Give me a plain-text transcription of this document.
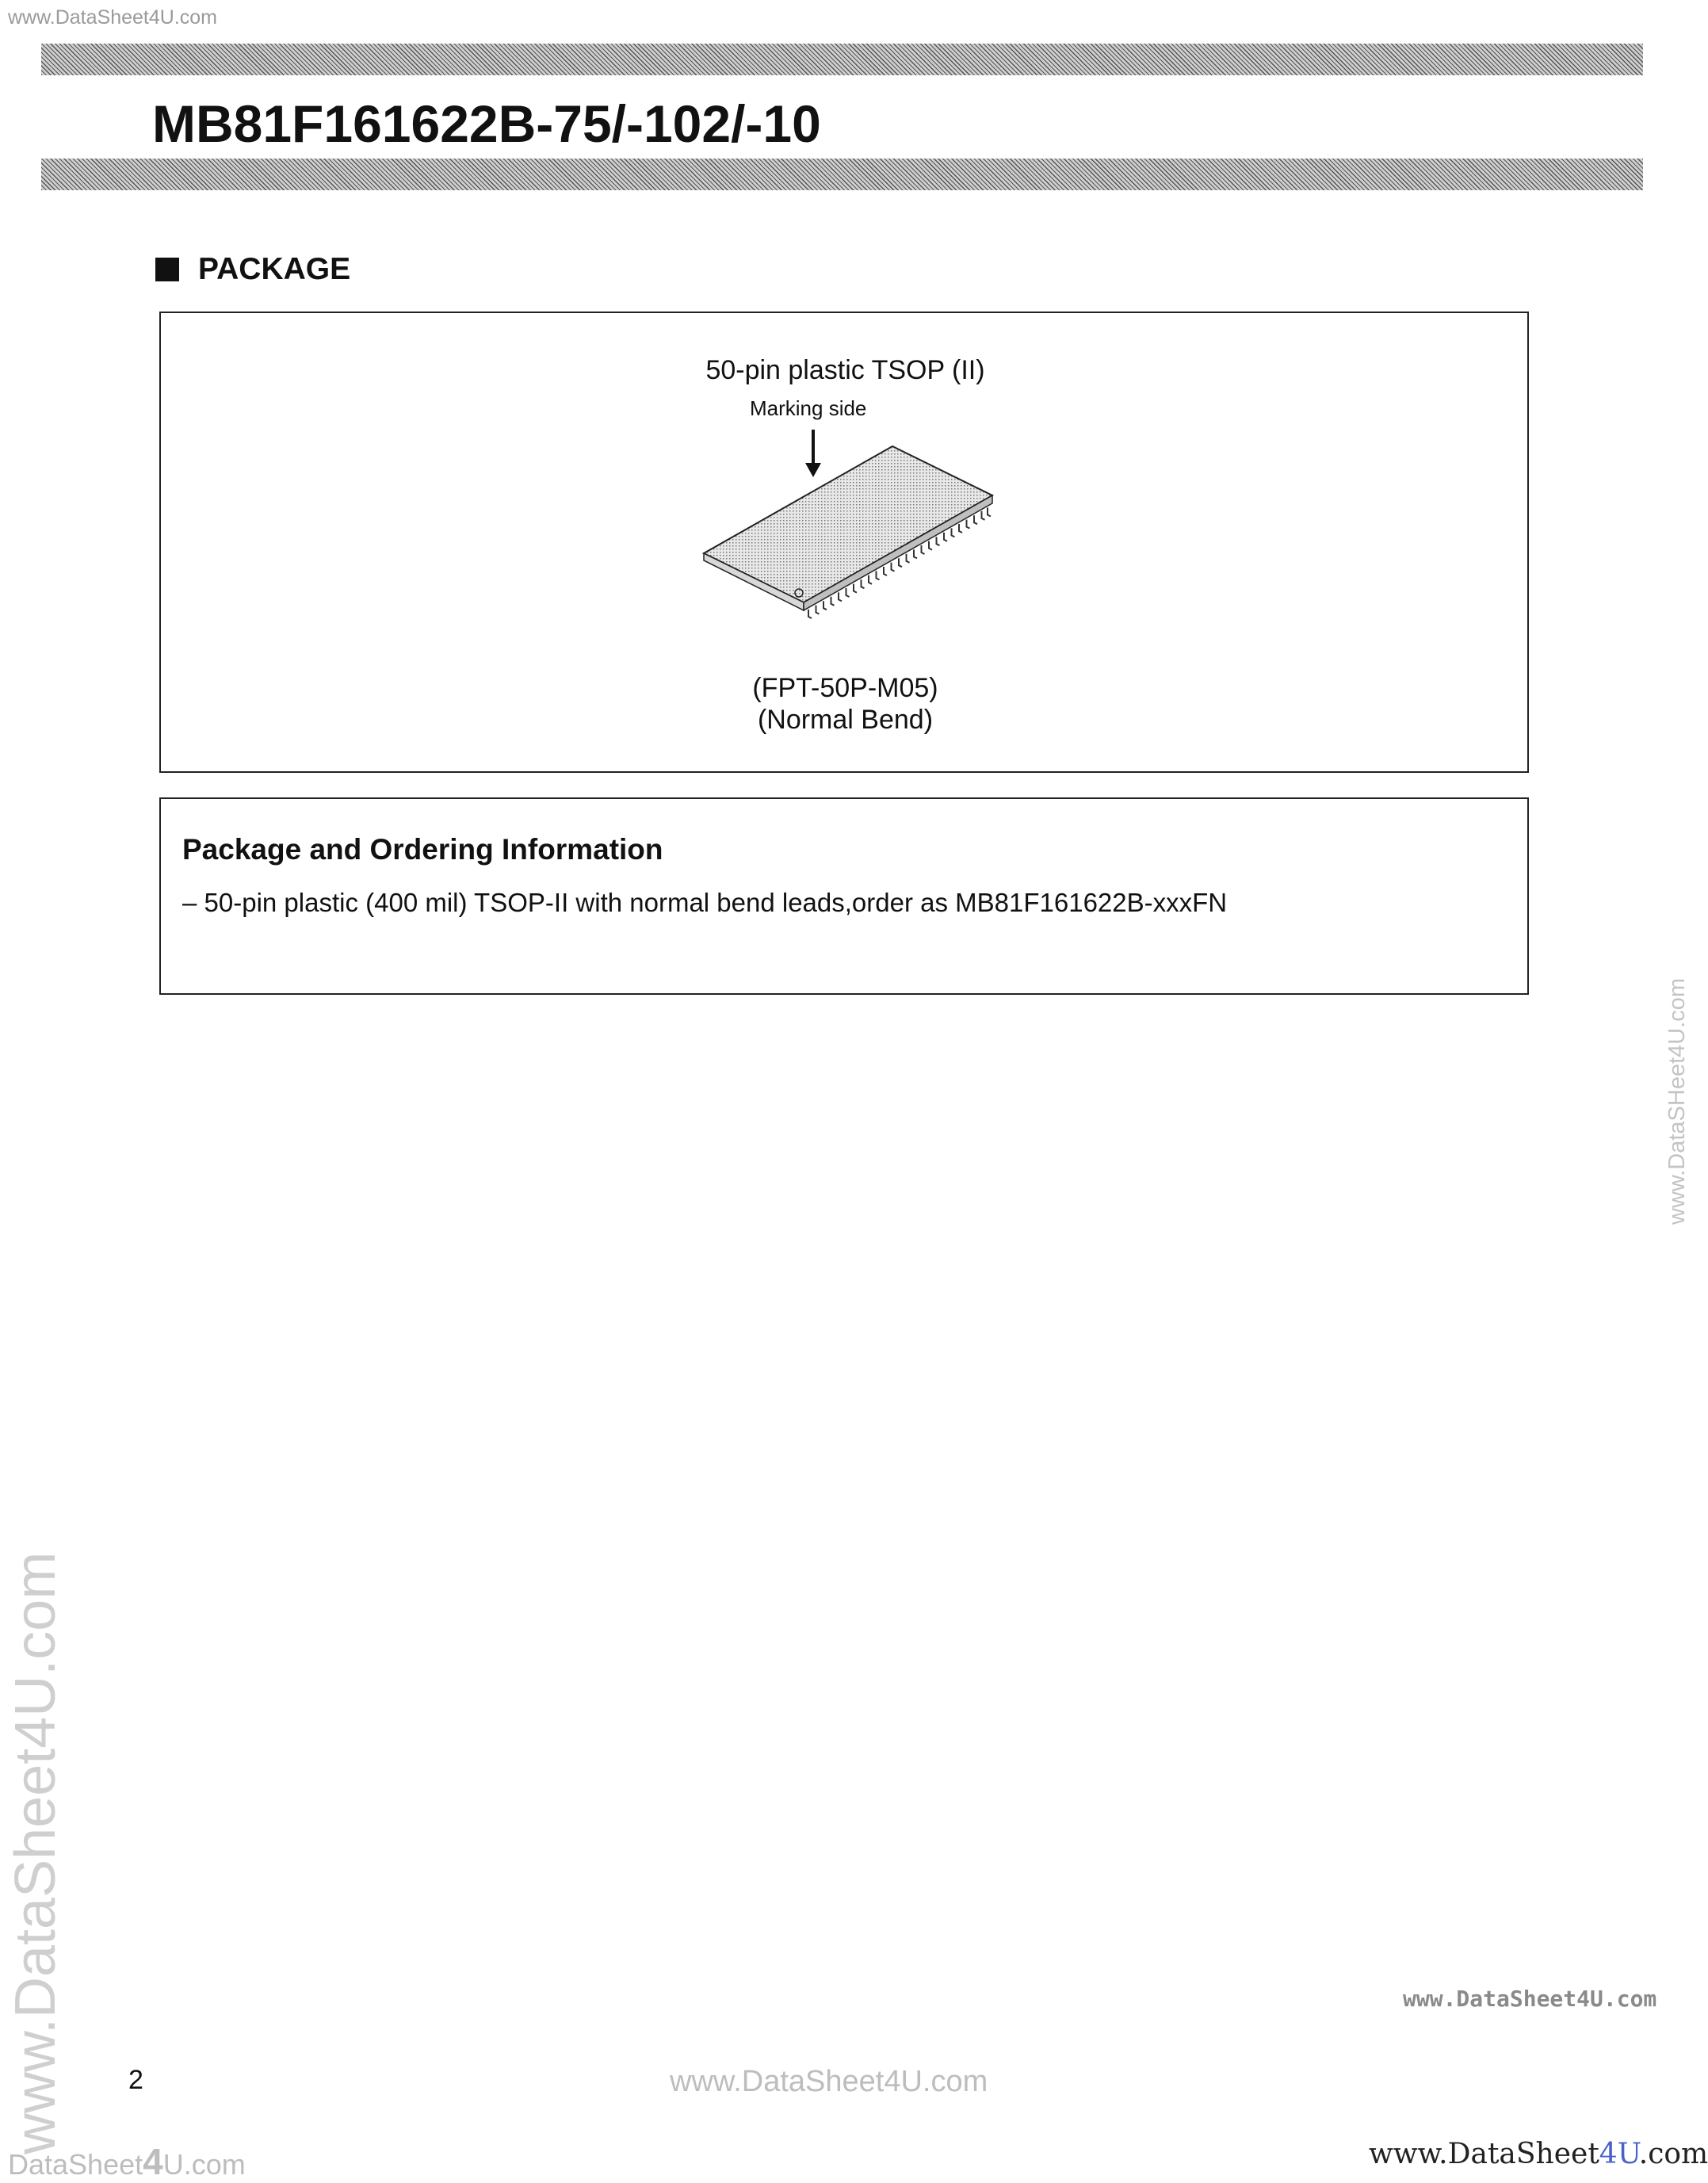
www.DataSheet4U.com
MB81F161622B-75/-102/-10
PACKAGE
50-pin plastic TSOP (II)
Marking side
(FPT-50P-M05)
(Normal Bend)
Package and Ordering Information
– 50-pin plastic (400 mil) TSOP-II with normal bend leads,order as MB81F161622B-xxxFN
www.DataSHeet4U.com
www.DataSheet4U.com	www.DataSheet4U.com
2	www.DataSheet4U.com
DataSheet4U.com	www.DataSheet4U.com
